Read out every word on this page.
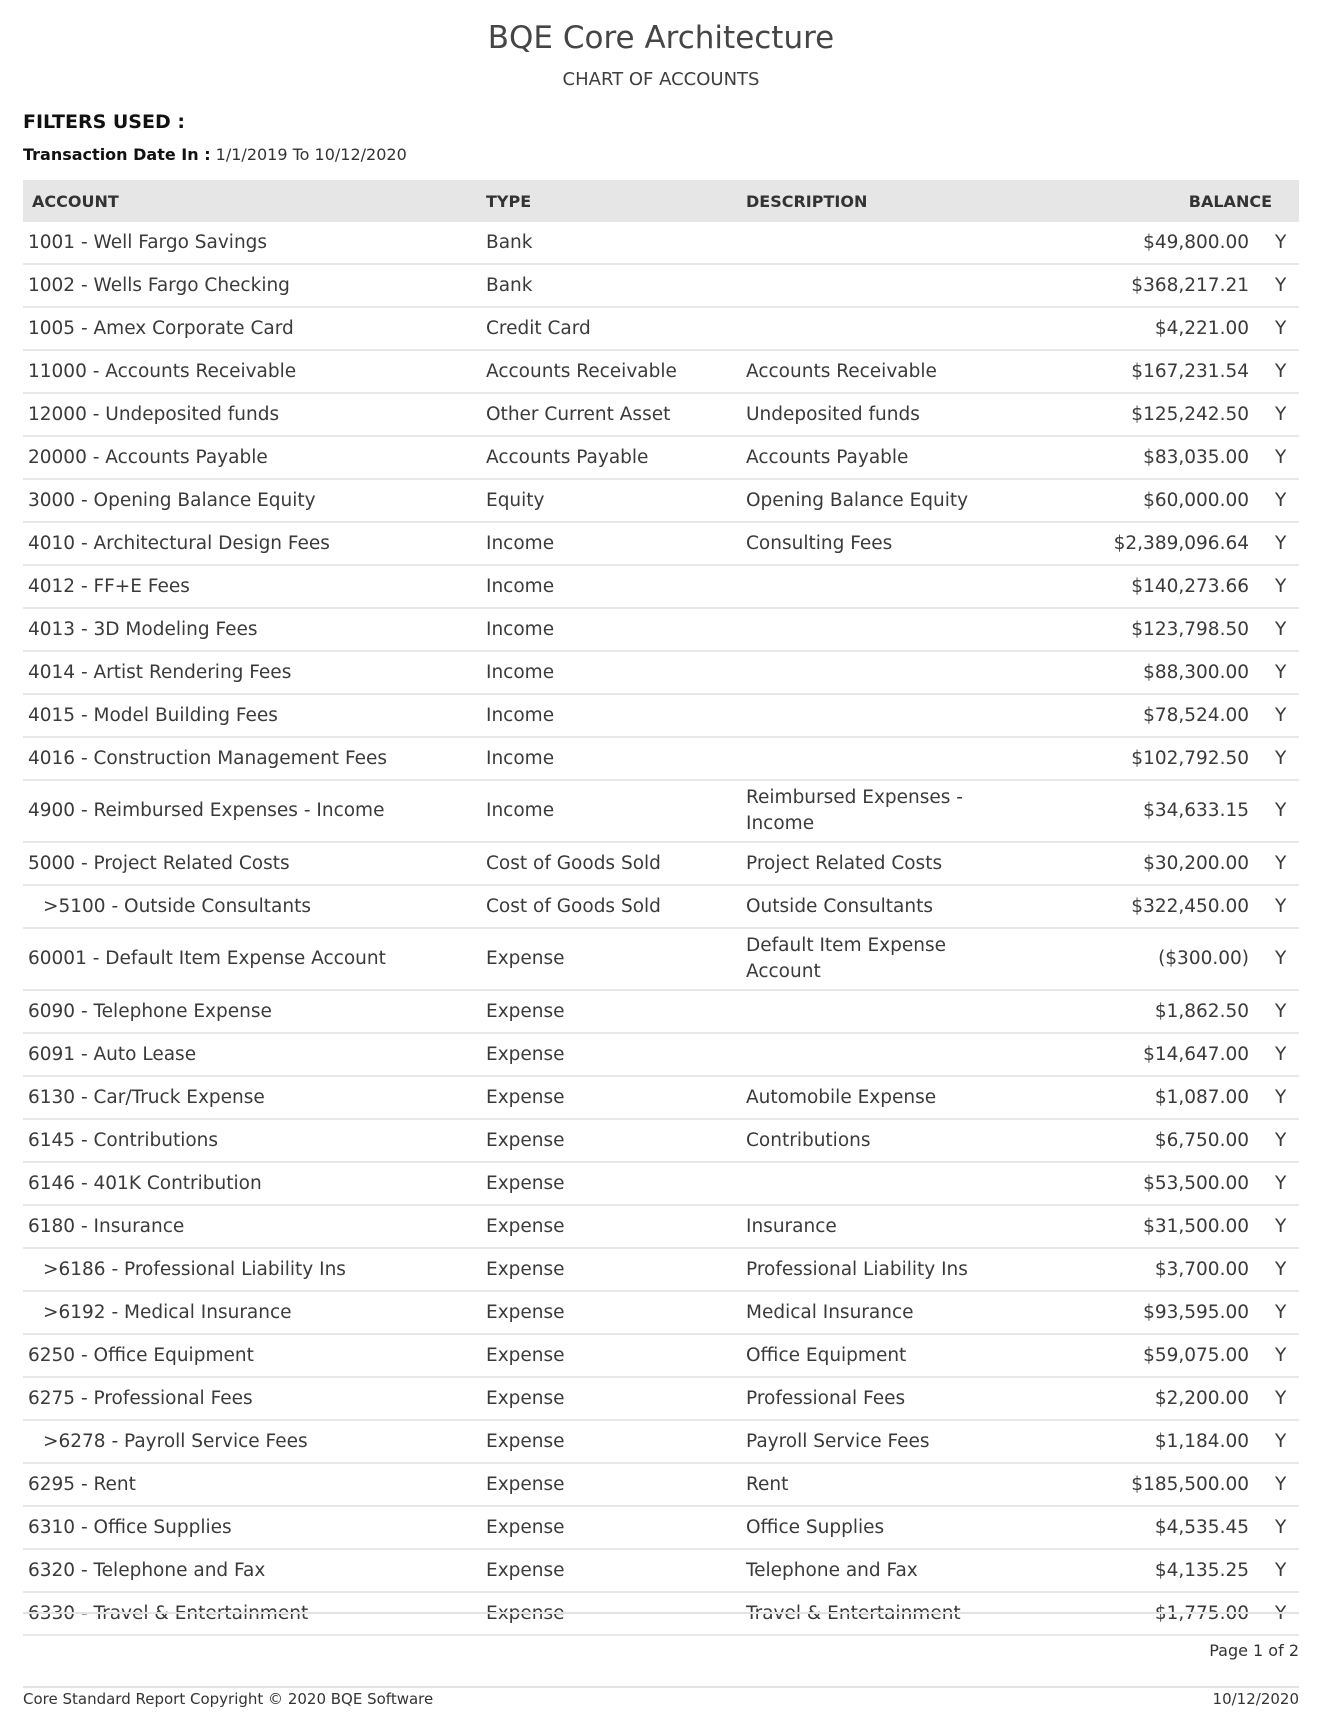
BQE Core Architecture
CHART OF ACCOUNTS
FILTERS USED :
Transaction Date In : 1/1/2019 To 10/12/2020
ACCOUNT	TYPE	DESCRIPTION	BALANCE	
1001 - Well Fargo Savings	Bank		$49,800.00	Y
1002 - Wells Fargo Checking	Bank		$368,217.21	Y
1005 - Amex Corporate Card	Credit Card		$4,221.00	Y
11000 - Accounts Receivable	Accounts Receivable	Accounts Receivable	$167,231.54	Y
12000 - Undeposited funds	Other Current Asset	Undeposited funds	$125,242.50	Y
20000 - Accounts Payable	Accounts Payable	Accounts Payable	$83,035.00	Y
3000 - Opening Balance Equity	Equity	Opening Balance Equity	$60,000.00	Y
4010 - Architectural Design Fees	Income	Consulting Fees	$2,389,096.64	Y
4012 - FF+E Fees	Income		$140,273.66	Y
4013 - 3D Modeling Fees	Income		$123,798.50	Y
4014 - Artist Rendering Fees	Income		$88,300.00	Y
4015 - Model Building Fees	Income		$78,524.00	Y
4016 - Construction Management Fees	Income		$102,792.50	Y
4900 - Reimbursed Expenses - Income	Income	Reimbursed Expenses - Income	$34,633.15	Y
5000 - Project Related Costs	Cost of Goods Sold	Project Related Costs	$30,200.00	Y
>5100 - Outside Consultants	Cost of Goods Sold	Outside Consultants	$322,450.00	Y
60001 - Default Item Expense Account	Expense	Default Item Expense Account	($300.00)	Y
6090 - Telephone Expense	Expense		$1,862.50	Y
6091 - Auto Lease	Expense		$14,647.00	Y
6130 - Car/Truck Expense	Expense	Automobile Expense	$1,087.00	Y
6145 - Contributions	Expense	Contributions	$6,750.00	Y
6146 - 401K Contribution	Expense		$53,500.00	Y
6180 - Insurance	Expense	Insurance	$31,500.00	Y
>6186 - Professional Liability Ins	Expense	Professional Liability Ins	$3,700.00	Y
>6192 - Medical Insurance	Expense	Medical Insurance	$93,595.00	Y
6250 - Office Equipment	Expense	Office Equipment	$59,075.00	Y
6275 - Professional Fees	Expense	Professional Fees	$2,200.00	Y
>6278 - Payroll Service Fees	Expense	Payroll Service Fees	$1,184.00	Y
6295 - Rent	Expense	Rent	$185,500.00	Y
6310 - Office Supplies	Expense	Office Supplies	$4,535.45	Y
6320 - Telephone and Fax	Expense	Telephone and Fax	$4,135.25	Y
6330 - Travel & Entertainment	Expense	Travel & Entertainment	$1,775.00	Y
Page 1 of 2
Core Standard Report Copyright © 2020 BQE Software	10/12/2020
